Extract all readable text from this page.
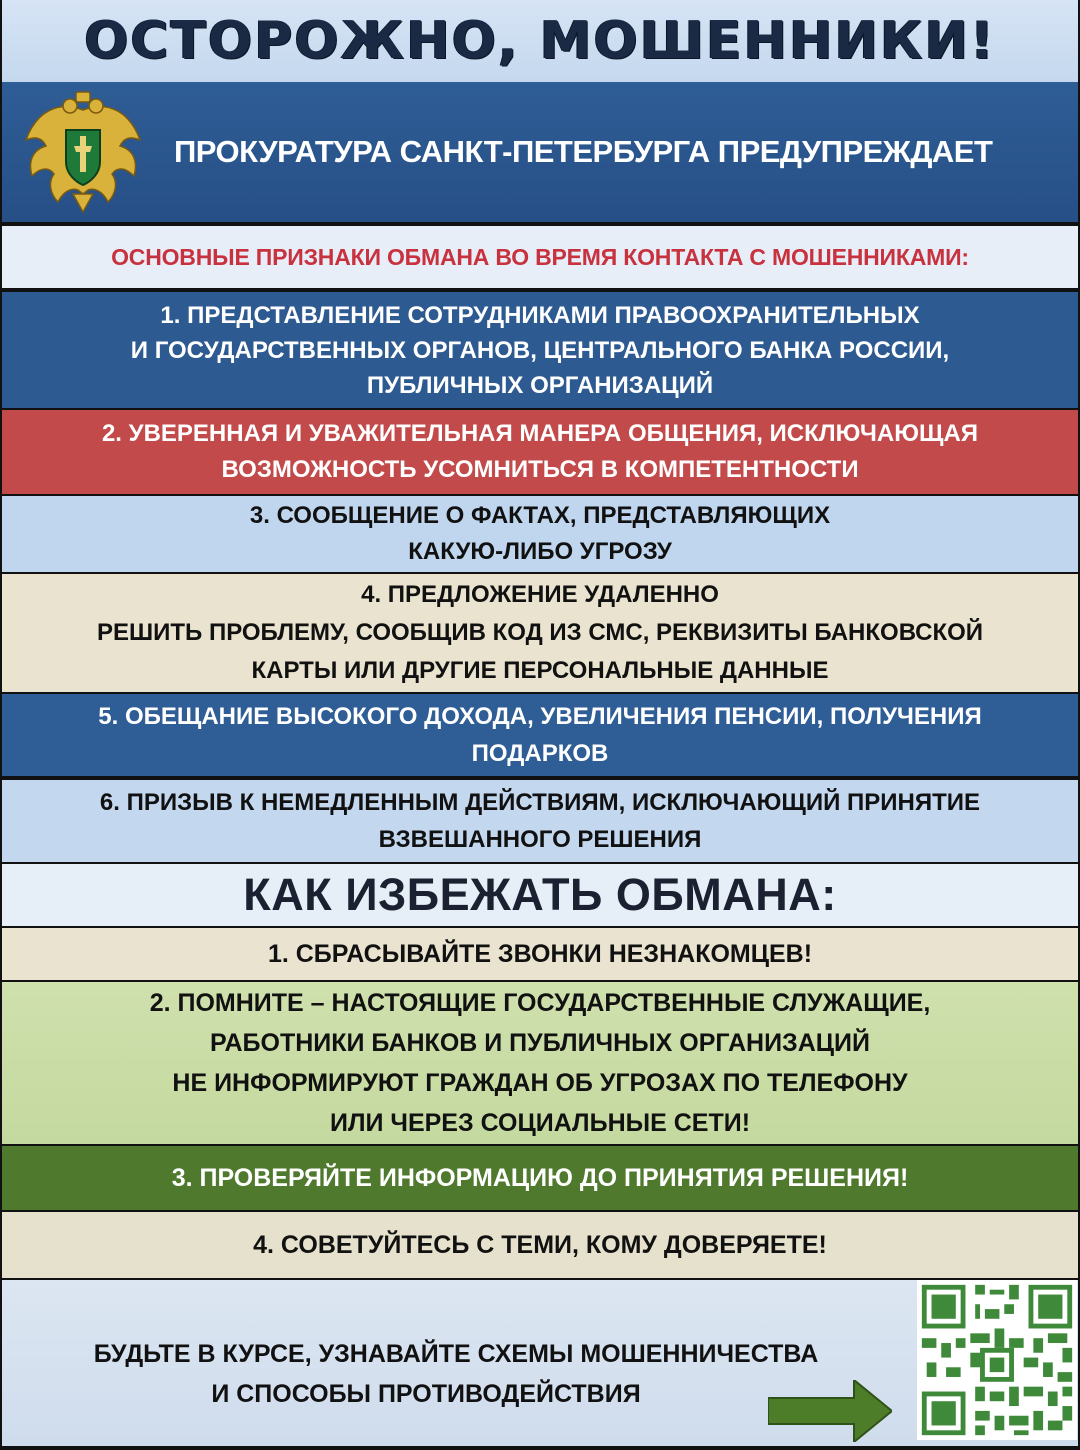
ОСТОРОЖНО, МОШЕННИКИ!
ПРОКУРАТУРА САНКТ-ПЕТЕРБУРГА ПРЕДУПРЕЖДАЕТ
ОСНОВНЫЕ ПРИЗНАКИ ОБМАНА ВО ВРЕМЯ КОНТАКТА С МОШЕННИКАМИ:
1. ПРЕДСТАВЛЕНИЕ СОТРУДНИКАМИ ПРАВООХРАНИТЕЛЬНЫХ
И ГОСУДАРСТВЕННЫХ ОРГАНОВ, ЦЕНТРАЛЬНОГО БАНКА РОССИИ,
ПУБЛИЧНЫХ ОРГАНИЗАЦИЙ
2. УВЕРЕННАЯ И УВАЖИТЕЛЬНАЯ МАНЕРА ОБЩЕНИЯ, ИСКЛЮЧАЮЩАЯ
ВОЗМОЖНОСТЬ УСОМНИТЬСЯ В КОМПЕТЕНТНОСТИ
3. СООБЩЕНИЕ О ФАКТАХ, ПРЕДСТАВЛЯЮЩИХ
КАКУЮ-ЛИБО УГРОЗУ
4. ПРЕДЛОЖЕНИЕ УДАЛЕННО
РЕШИТЬ ПРОБЛЕМУ, СООБЩИВ КОД ИЗ СМС, РЕКВИЗИТЫ БАНКОВСКОЙ
КАРТЫ ИЛИ ДРУГИЕ ПЕРСОНАЛЬНЫЕ ДАННЫЕ
5. ОБЕЩАНИЕ ВЫСОКОГО ДОХОДА, УВЕЛИЧЕНИЯ ПЕНСИИ, ПОЛУЧЕНИЯ
ПОДАРКОВ
6. ПРИЗЫВ К НЕМЕДЛЕННЫМ ДЕЙСТВИЯМ, ИСКЛЮЧАЮЩИЙ ПРИНЯТИЕ
ВЗВЕШАННОГО РЕШЕНИЯ
КАК ИЗБЕЖАТЬ ОБМАНА:
1. СБРАСЫВАЙТЕ ЗВОНКИ НЕЗНАКОМЦЕВ!
2. ПОМНИТЕ – НАСТОЯЩИЕ ГОСУДАРСТВЕННЫЕ СЛУЖАЩИЕ,
РАБОТНИКИ БАНКОВ И ПУБЛИЧНЫХ ОРГАНИЗАЦИЙ
НЕ ИНФОРМИРУЮТ ГРАЖДАН ОБ УГРОЗАХ ПО ТЕЛЕФОНУ
ИЛИ ЧЕРЕЗ СОЦИАЛЬНЫЕ СЕТИ!
3. ПРОВЕРЯЙТЕ ИНФОРМАЦИЮ ДО ПРИНЯТИЯ РЕШЕНИЯ!
4. СОВЕТУЙТЕСЬ С ТЕМИ, КОМУ ДОВЕРЯЕТЕ!
БУДЬТЕ В КУРСЕ, УЗНАВАЙТЕ СХЕМЫ МОШЕННИЧЕСТВА
И СПОСОБЫ ПРОТИВОДЕЙСТВИЯ
